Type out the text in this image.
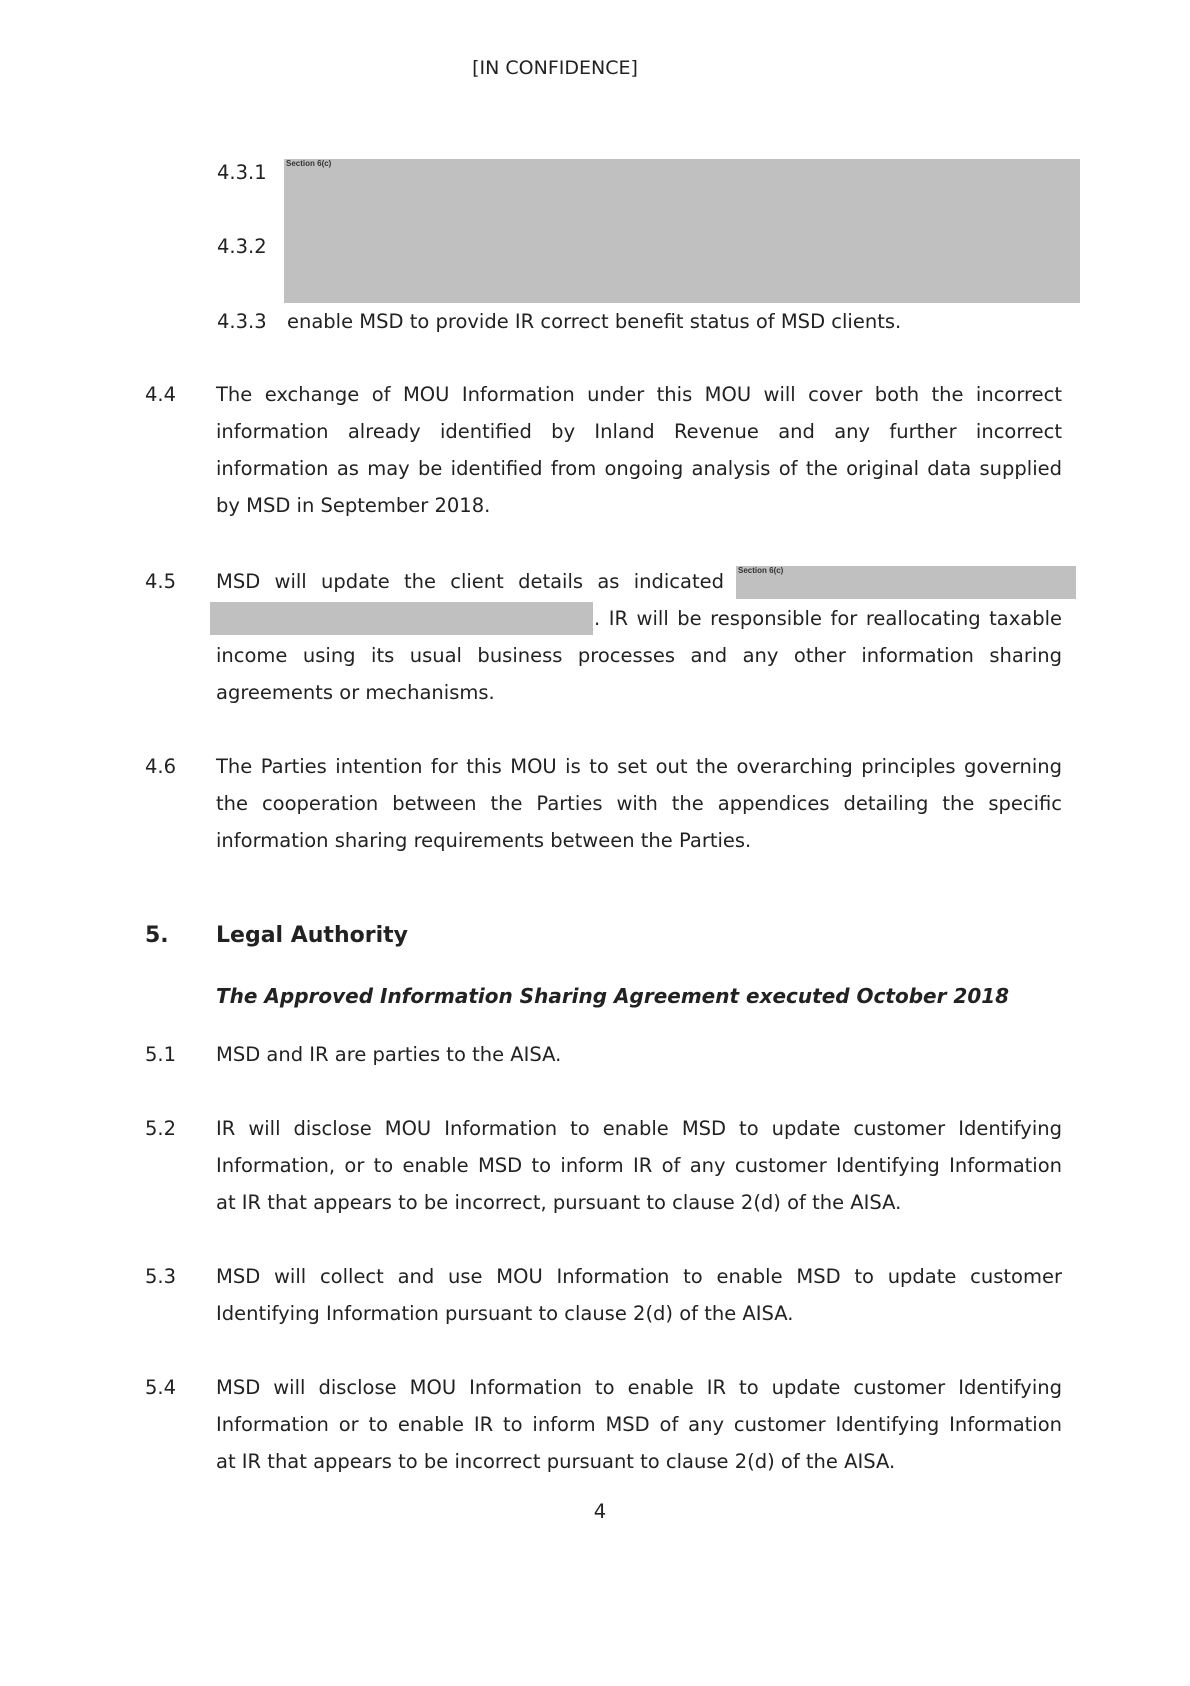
[IN CONFIDENCE]
4.3.1
4.3.2
Section 6(c)
4.3.3 enable MSD to provide IR correct benefit status of MSD clients.
4.4 The exchange of MOU Information under this MOU will cover both the incorrect
information already identified by Inland Revenue and any further incorrect
information as may be identified from ongoing analysis of the original data supplied
by MSD in September 2018.
4.5 MSD will update the client details as indicated Section 6(c)
. IR will be responsible for reallocating taxable
income using its usual business processes and any other information sharing
agreements or mechanisms.
4.6 The Parties intention for this MOU is to set out the overarching principles governing
the cooperation between the Parties with the appendices detailing the specific
information sharing requirements between the Parties.
5. Legal Authority
The Approved Information Sharing Agreement executed October 2018
5.1 MSD and IR are parties to the AISA.
5.2 IR will disclose MOU Information to enable MSD to update customer Identifying
Information, or to enable MSD to inform IR of any customer Identifying Information
at IR that appears to be incorrect, pursuant to clause 2(d) of the AISA.
5.3 MSD will collect and use MOU Information to enable MSD to update customer
Identifying Information pursuant to clause 2(d) of the AISA.
5.4 MSD will disclose MOU Information to enable IR to update customer Identifying
Information or to enable IR to inform MSD of any customer Identifying Information
at IR that appears to be incorrect pursuant to clause 2(d) of the AISA.
4
